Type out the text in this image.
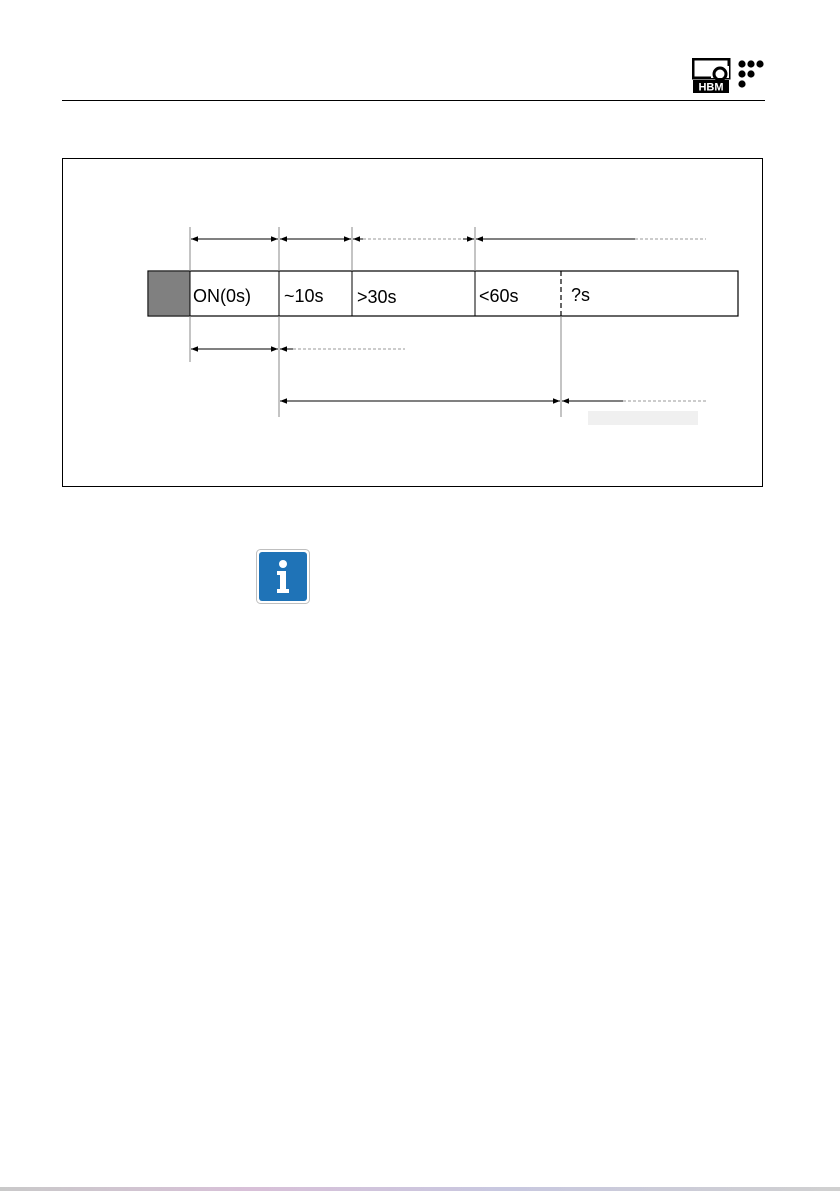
HBM
ON(0s) ~10s >30s	<60s	?s
